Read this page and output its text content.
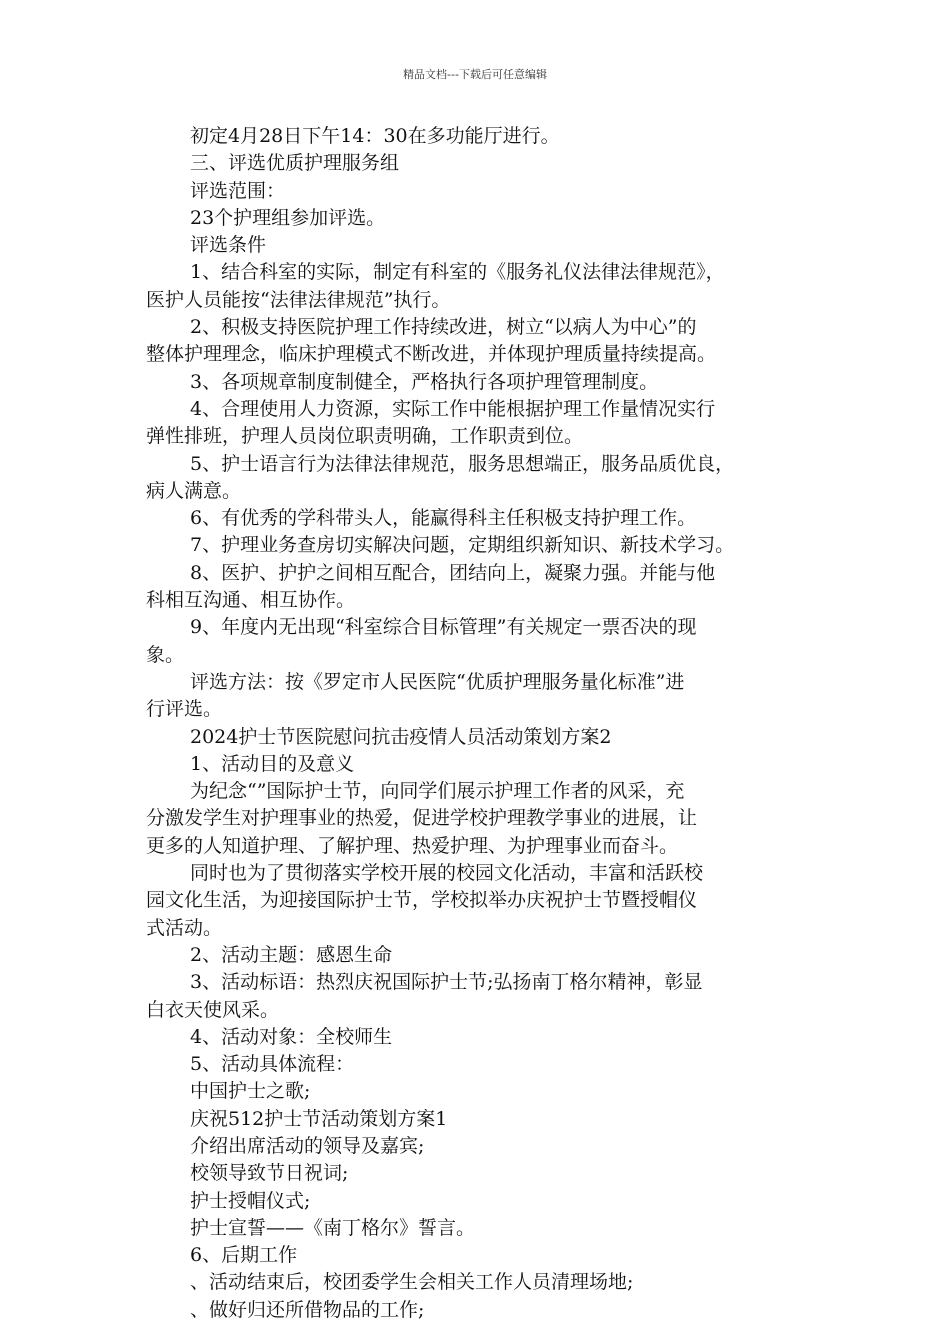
精品文档---下载后可任意编辑
初定4月28日下午14：30在多功能厅进行。
三、评选优质护理服务组
评选范围：
23个护理组参加评选。
评选条件
1、结合科室的实际，制定有科室的《服务礼仪法律法律规范》，
医护人员能按“法律法律规范”执行。
2、积极支持医院护理工作持续改进，树立“以病人为中心”的
整体护理理念，临床护理模式不断改进，并体现护理质量持续提高。
3、各项规章制度制健全，严格执行各项护理管理制度。
4、合理使用人力资源，实际工作中能根据护理工作量情况实行
弹性排班，护理人员岗位职责明确，工作职责到位。
5、护士语言行为法律法律规范，服务思想端正，服务品质优良，
病人满意。
6、有优秀的学科带头人，能赢得科主任积极支持护理工作。
7、护理业务查房切实解决问题，定期组织新知识、新技术学习。
8、医护、护护之间相互配合，团结向上，凝聚力强。并能与他
科相互沟通、相互协作。
9、年度内无出现“科室综合目标管理”有关规定一票否决的现
象。
评选方法：按《罗定市人民医院“优质护理服务量化标准”进
行评选。
2024护士节医院慰问抗击疫情人员活动策划方案2
1、活动目的及意义
为纪念“”国际护士节，向同学们展示护理工作者的风采，充
分激发学生对护理事业的热爱，促进学校护理教学事业的进展，让
更多的人知道护理、了解护理、热爱护理、为护理事业而奋斗。
同时也为了贯彻落实学校开展的校园文化活动，丰富和活跃校
园文化生活，为迎接国际护士节，学校拟举办庆祝护士节暨授帽仪
式活动。
2、活动主题：感恩生命
3、活动标语：热烈庆祝国际护士节;弘扬南丁格尔精神，彰显
白衣天使风采。
4、活动对象：全校师生
5、活动具体流程：
中国护士之歌;
庆祝512护士节活动策划方案1
介绍出席活动的领导及嘉宾;
校领导致节日祝词;
护士授帽仪式;
护士宣誓——《南丁格尔》誓言。
6、后期工作
、活动结束后，校团委学生会相关工作人员清理场地;
、做好归还所借物品的工作;
